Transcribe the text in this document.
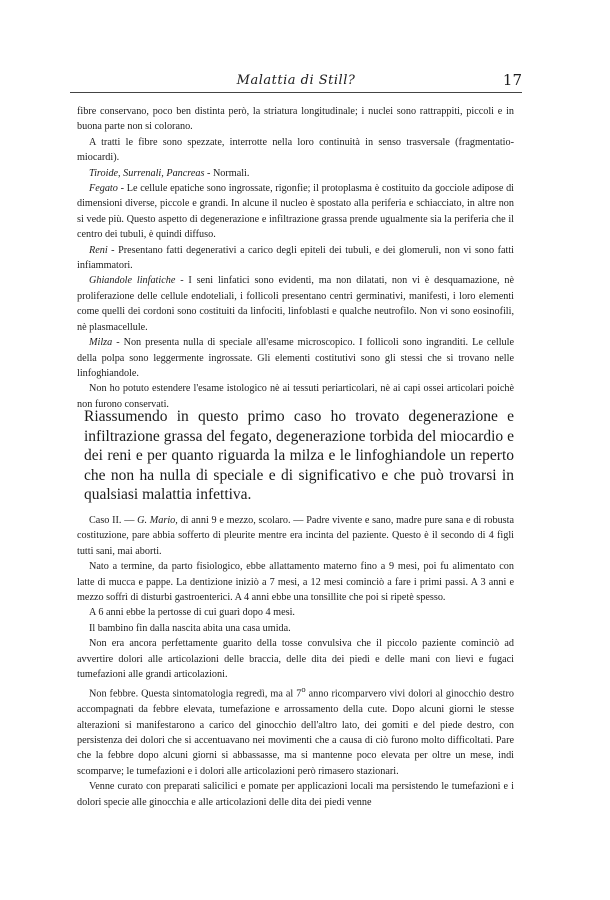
Malattia di Still?	17

fibre conservano, poco ben distinta però, la striatura longitudinale; i nuclei sono rattrappiti, piccoli e in buona parte non si colorano.

A tratti le fibre sono spezzate, interrotte nella loro continuità in senso trasversale (fragmentatio-miocardi).

Tiroide, Surrenali, Pancreas - Normali.

Fegato - Le cellule epatiche sono ingrossate, rigonfie; il protoplasma è costituito da gocciole adipose di dimensioni diverse, piccole e grandi. In alcune il nucleo è spostato alla periferia e schiacciato, in altre non si vede più. Questo aspetto di degenerazione e infiltrazione grassa prende ugualmente sia la periferia che il centro dei tubuli, è quindi diffuso.

Reni - Presentano fatti degenerativi a carico degli epiteli dei tubuli, e dei glomeruli, non vi sono fatti infiammatori.

Ghiandole linfatiche - I seni linfatici sono evidenti, ma non dilatati, non vi è desquamazione, nè proliferazione delle cellule endoteliali, i follicoli presentano centri germinativi, manifesti, i loro elementi come quelli dei cordoni sono costituiti da linfociti, linfoblasti e qualche neutrofilo. Non vi sono eosinofili, nè plasmacellule.

Milza - Non presenta nulla di speciale all'esame microscopico. I follicoli sono ingranditi. Le cellule della polpa sono leggermente ingrossate. Gli elementi costitutivi sono gli stessi che si trovano nelle linfoghiandole.

Non ho potuto estendere l'esame istologico nè ai tessuti periarticolari, nè ai capi ossei articolari poichè non furono conservati.

Riassumendo in questo primo caso ho trovato degenerazione e infiltrazione grassa del fegato, degenerazione torbida del miocardio e dei reni e per quanto riguarda la milza e le linfoghiandole un reperto che non ha nulla di speciale e di significativo e che può trovarsi in qualsiasi malattia infettiva.

Caso II. — G. Mario, di anni 9 e mezzo, scolaro. — Padre vivente e sano, madre pure sana e di robusta costituzione, pare abbia sofferto di pleurite mentre era incinta del paziente. Questo è il secondo di 4 figli tutti sani, mai aborti.

Nato a termine, da parto fisiologico, ebbe allattamento materno fino a 9 mesi, poi fu alimentato con latte di mucca e pappe. La dentizione iniziò a 7 mesi, a 12 mesi cominciò a fare i primi passi. A 3 anni e mezzo soffrì di disturbi gastroenterici. A 4 anni ebbe una tonsillite che poi si ripetè spesso.

A 6 anni ebbe la pertosse di cui guarì dopo 4 mesi.

Il bambino fin dalla nascita abita una casa umida.

Non era ancora perfettamente guarito della tosse convulsiva che il piccolo paziente cominciò ad avvertire dolori alle articolazioni delle braccia, delle dita dei piedi e delle mani con lievi e fugaci tumefazioni alle grandi articolazioni.

Non febbre. Questa sintomatologia regredì, ma al 7$^o$ anno ricomparvero vivi dolori al ginocchio destro accompagnati da febbre elevata, tumefazione e arrossamento della cute. Dopo alcuni giorni le stesse alterazioni si manifestarono a carico del ginocchio dell'altro lato, dei gomiti e del piede destro, con persistenza dei dolori che si accentuavano nei movimenti che a causa di ciò furono molto difficoltati. Pare che la febbre dopo alcuni giorni si abbassasse, ma si mantenne poco elevata per oltre un mese, indi scomparve; le tumefazioni e i dolori alle articolazioni però rimasero stazionari.

Venne curato con preparati salicilici e pomate per applicazioni locali ma persistendo le tumefazioni e i dolori specie alle ginocchia e alle articolazioni delle dita dei piedi venne
